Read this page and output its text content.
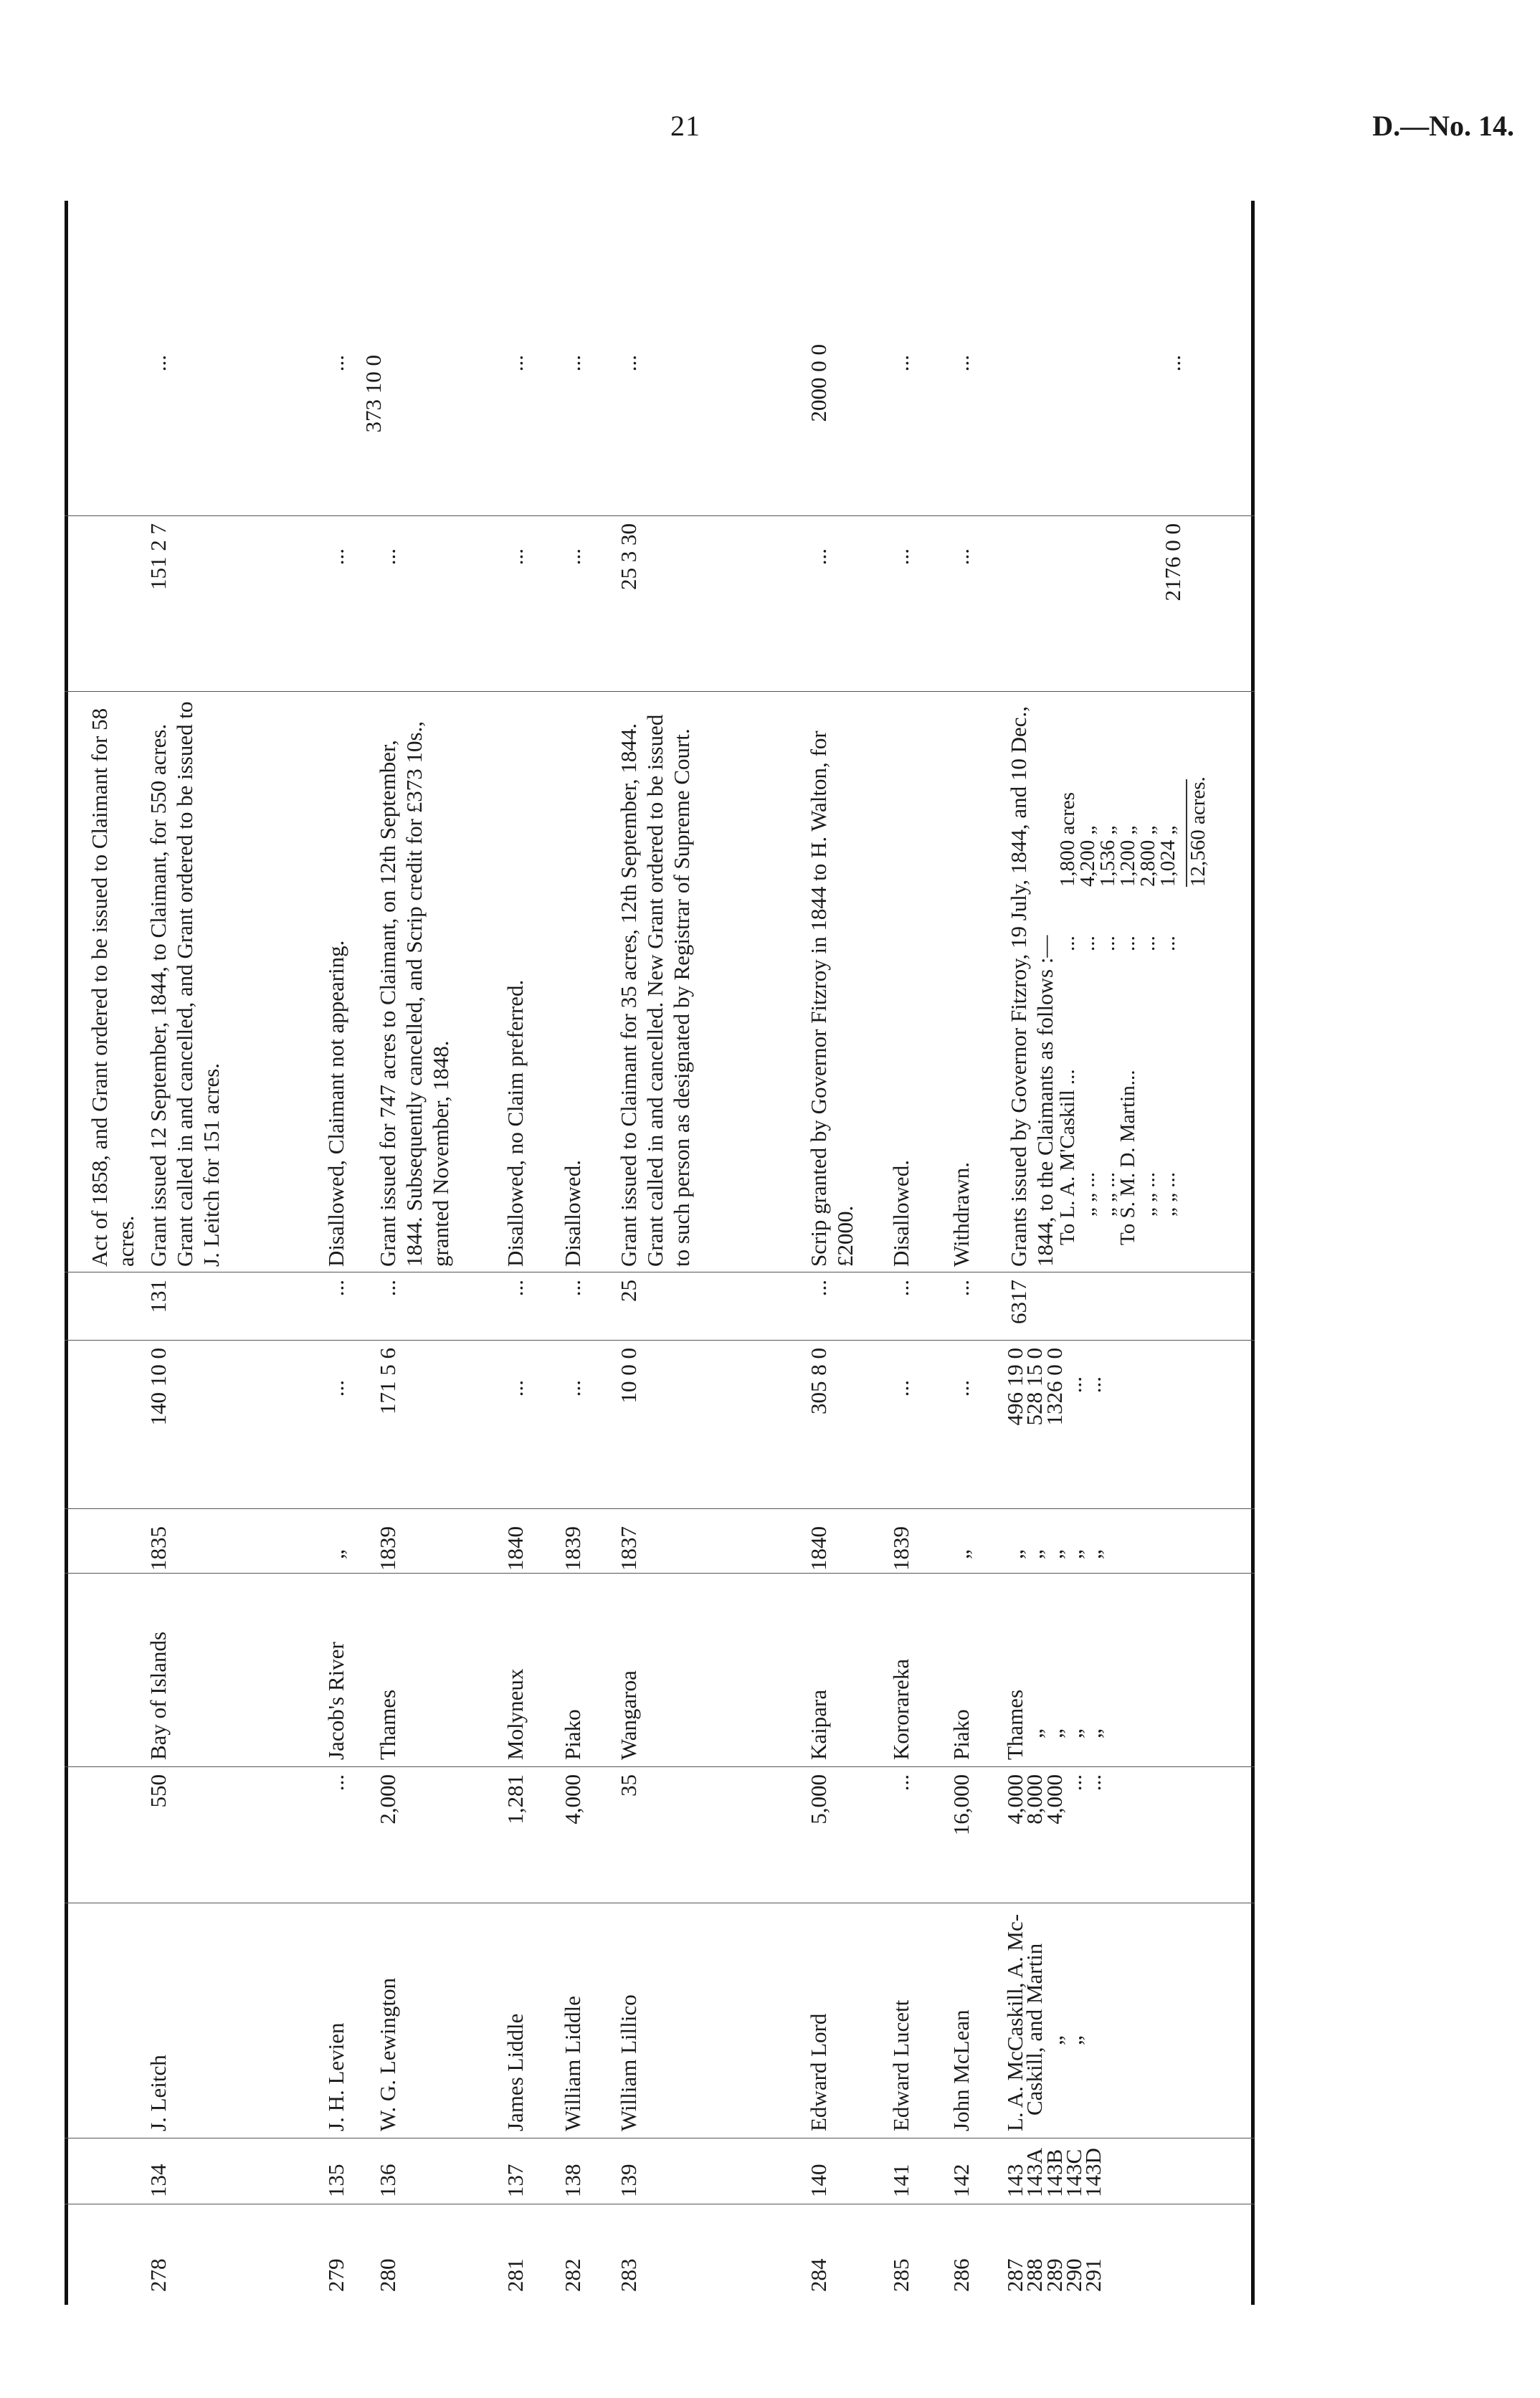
21	D.—No. 14.
Act of 1858, and Grant ordered to be issued to Claimant for 58 acres.
278
134
J. Leitch
550
Bay of Islands
1835
140 10 0
131
Grant issued 12 September, 1844, to Claimant, for 550 acres. Grant called in and cancelled, and Grant ordered to be issued to J. Leitch for 151 acres.
151 2 7
...
279
135
J. H. Levien
...
Jacob's River
„
...
...
Disallowed, Claimant not appearing.
...
...
280
136
W. G. Lewington
2,000
Thames
1839
171 5 6
...
Grant issued for 747 acres to Claimant, on 12th September, 1844. Subsequently cancelled, and Scrip credit for £373 10s., granted November, 1848.
...
373 10 0
281
137
James Liddle
1,281
Molyneux
1840
...
...
Disallowed, no Claim preferred.
...
...
282
138
William Liddle
4,000
Piako
1839
...
...
Disallowed.
...
...
283
139
William Lillico
35
Wangaroa
1837
10 0 0
25
Grant issued to Claimant for 35 acres, 12th September, 1844. Grant called in and cancelled. New Grant ordered to be issued to such person as designated by Registrar of Supreme Court.
25 3 30
...
284
140
Edward Lord
5,000
Kaipara
1840
305 8 0
...
Scrip granted by Governor Fitzroy in 1844 to H. Walton, for £2000.
...
2000 0 0
285
141
Edward Lucett
...
Kororareka
1839
...
...
Disallowed.
...
...
286
142
John McLean
16,000
Piako
„
...
...
Withdrawn.
...
...
287
288
289
290
291
143
143A
143B
143C
143D
L. A. McCaskill, A. Mc-
Caskill, and Martin
„
„
4,000
8,000
4,000
...
...
Thames
„
„
„
„
„
„
„
„
„
496 19 0
528 15 0
1326 0 0
...
...
6317
Grants issued by Governor Fitzroy, 19 July, 1844, and 10 Dec., 1844, to the Claimants as follows :—
To L. A. M'Caskill ...
...
1,800 acres
„ „ ...
...
4,200 „
„ „ ...
...
1,536 „
To S. M. D. Martin...
...
1,200 „
„ „ ...
...
2,800 „
„ „ ...
...
1,024 „ 12,560 acres.
2176 0 0
...
